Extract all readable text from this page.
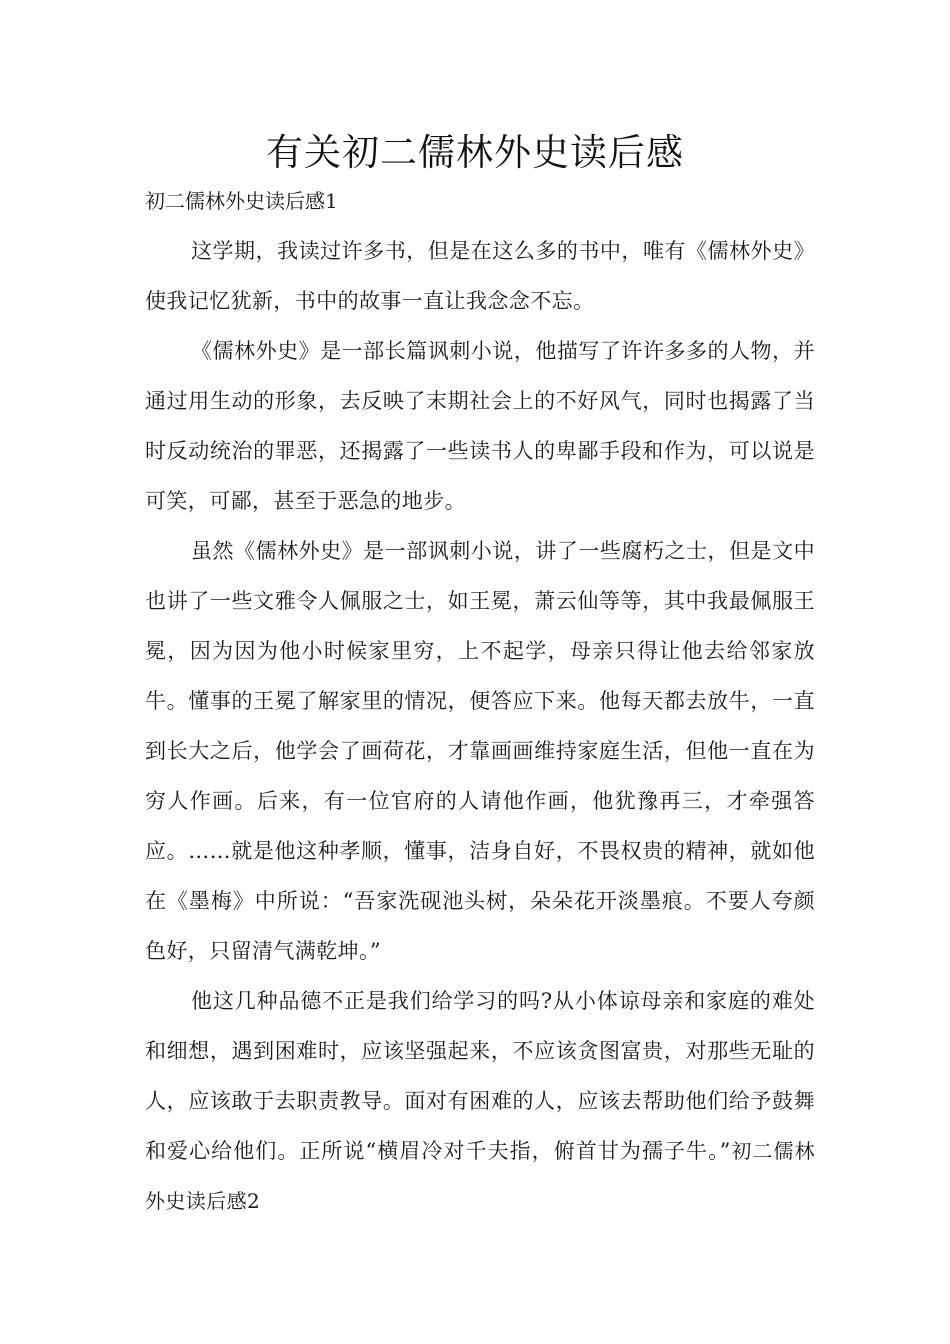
有关初二儒林外史读后感

初二儒林外史读后感1

这学期，我读过许多书，但是在这么多的书中，唯有《儒林外史》使我记忆犹新，书中的故事一直让我念念不忘。

《儒林外史》是一部长篇讽刺小说，他描写了许许多多的人物，并通过用生动的形象，去反映了末期社会上的不好风气，同时也揭露了当时反动统治的罪恶，还揭露了一些读书人的卑鄙手段和作为，可以说是可笑，可鄙，甚至于恶急的地步。

虽然《儒林外史》是一部讽刺小说，讲了一些腐朽之士，但是文中也讲了一些文雅令人佩服之士，如王冕，萧云仙等等，其中我最佩服王冕，因为因为他小时候家里穷，上不起学，母亲只得让他去给邻家放牛。懂事的王冕了解家里的情况，便答应下来。他每天都去放牛，一直到长大之后，他学会了画荷花，才靠画画维持家庭生活，但他一直在为穷人作画。后来，有一位官府的人请他作画，他犹豫再三，才牵强答应。……就是他这种孝顺，懂事，洁身自好，不畏权贵的精神，就如他在《墨梅》中所说：“吾家洗砚池头树，朵朵花开淡墨痕。不要人夸颜色好，只留清气满乾坤。”

他这几种品德不正是我们给学习的吗?从小体谅母亲和家庭的难处和细想，遇到困难时，应该坚强起来，不应该贪图富贵，对那些无耻的人，应该敢于去职责教导。面对有困难的人，应该去帮助他们给予鼓舞和爱心给他们。正所说“横眉冷对千夫指，俯首甘为孺子牛。”初二儒林外史读后感2
